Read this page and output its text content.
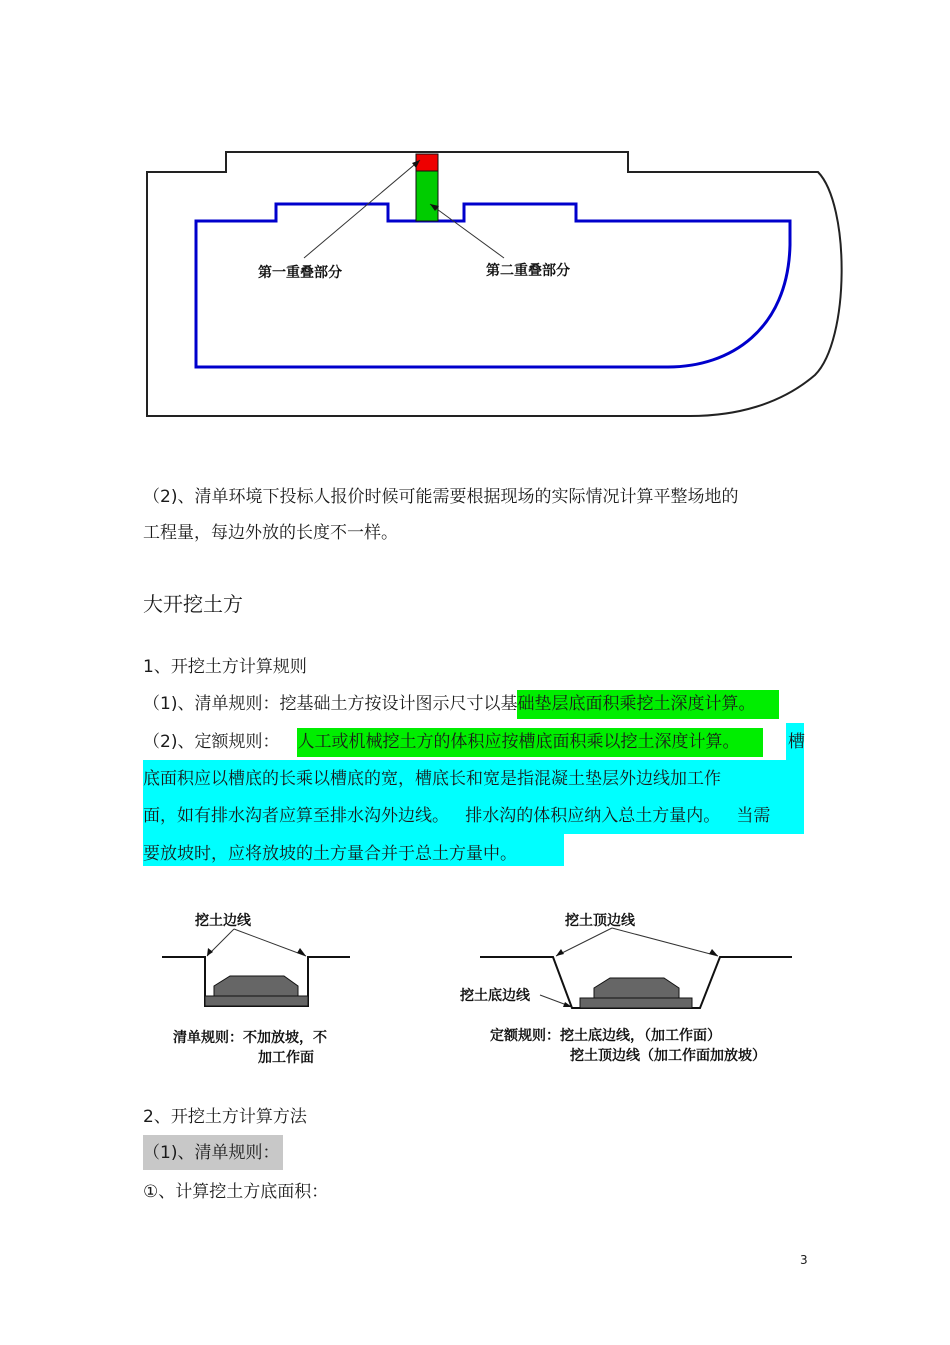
第一重叠部分	第二重叠部分
（2)、清单环境下投标人报价时候可能需要根据现场的实际情况计算平整场地的
工程量，每边外放的长度不一样。
大开挖土方
1、开挖土方计算规则
（1)、清单规则：挖基础土方按设计图示尺寸以基础垫层底面积乘挖土深度计算。
（2)、定额规则： 人工或机械挖土方的体积应按槽底面积乘以挖土深度计算。	槽
底面积应以槽底的长乘以槽底的宽，槽底长和宽是指混凝土垫层外边线加工作
面，如有排水沟者应算至排水沟外边线。   排水沟的体积应纳入总土方量内。   当需
要放坡时，应将放坡的土方量合并于总土方量中。
挖土边线
清单规则：不加放坡，不
加工作面
挖土顶边线
挖土底边线
定额规则：挖土底边线，（加工作面）
挖土顶边线（加工作面加放坡）
2、开挖土方计算方法
（1)、清单规则：
①、计算挖土方底面积：
3
